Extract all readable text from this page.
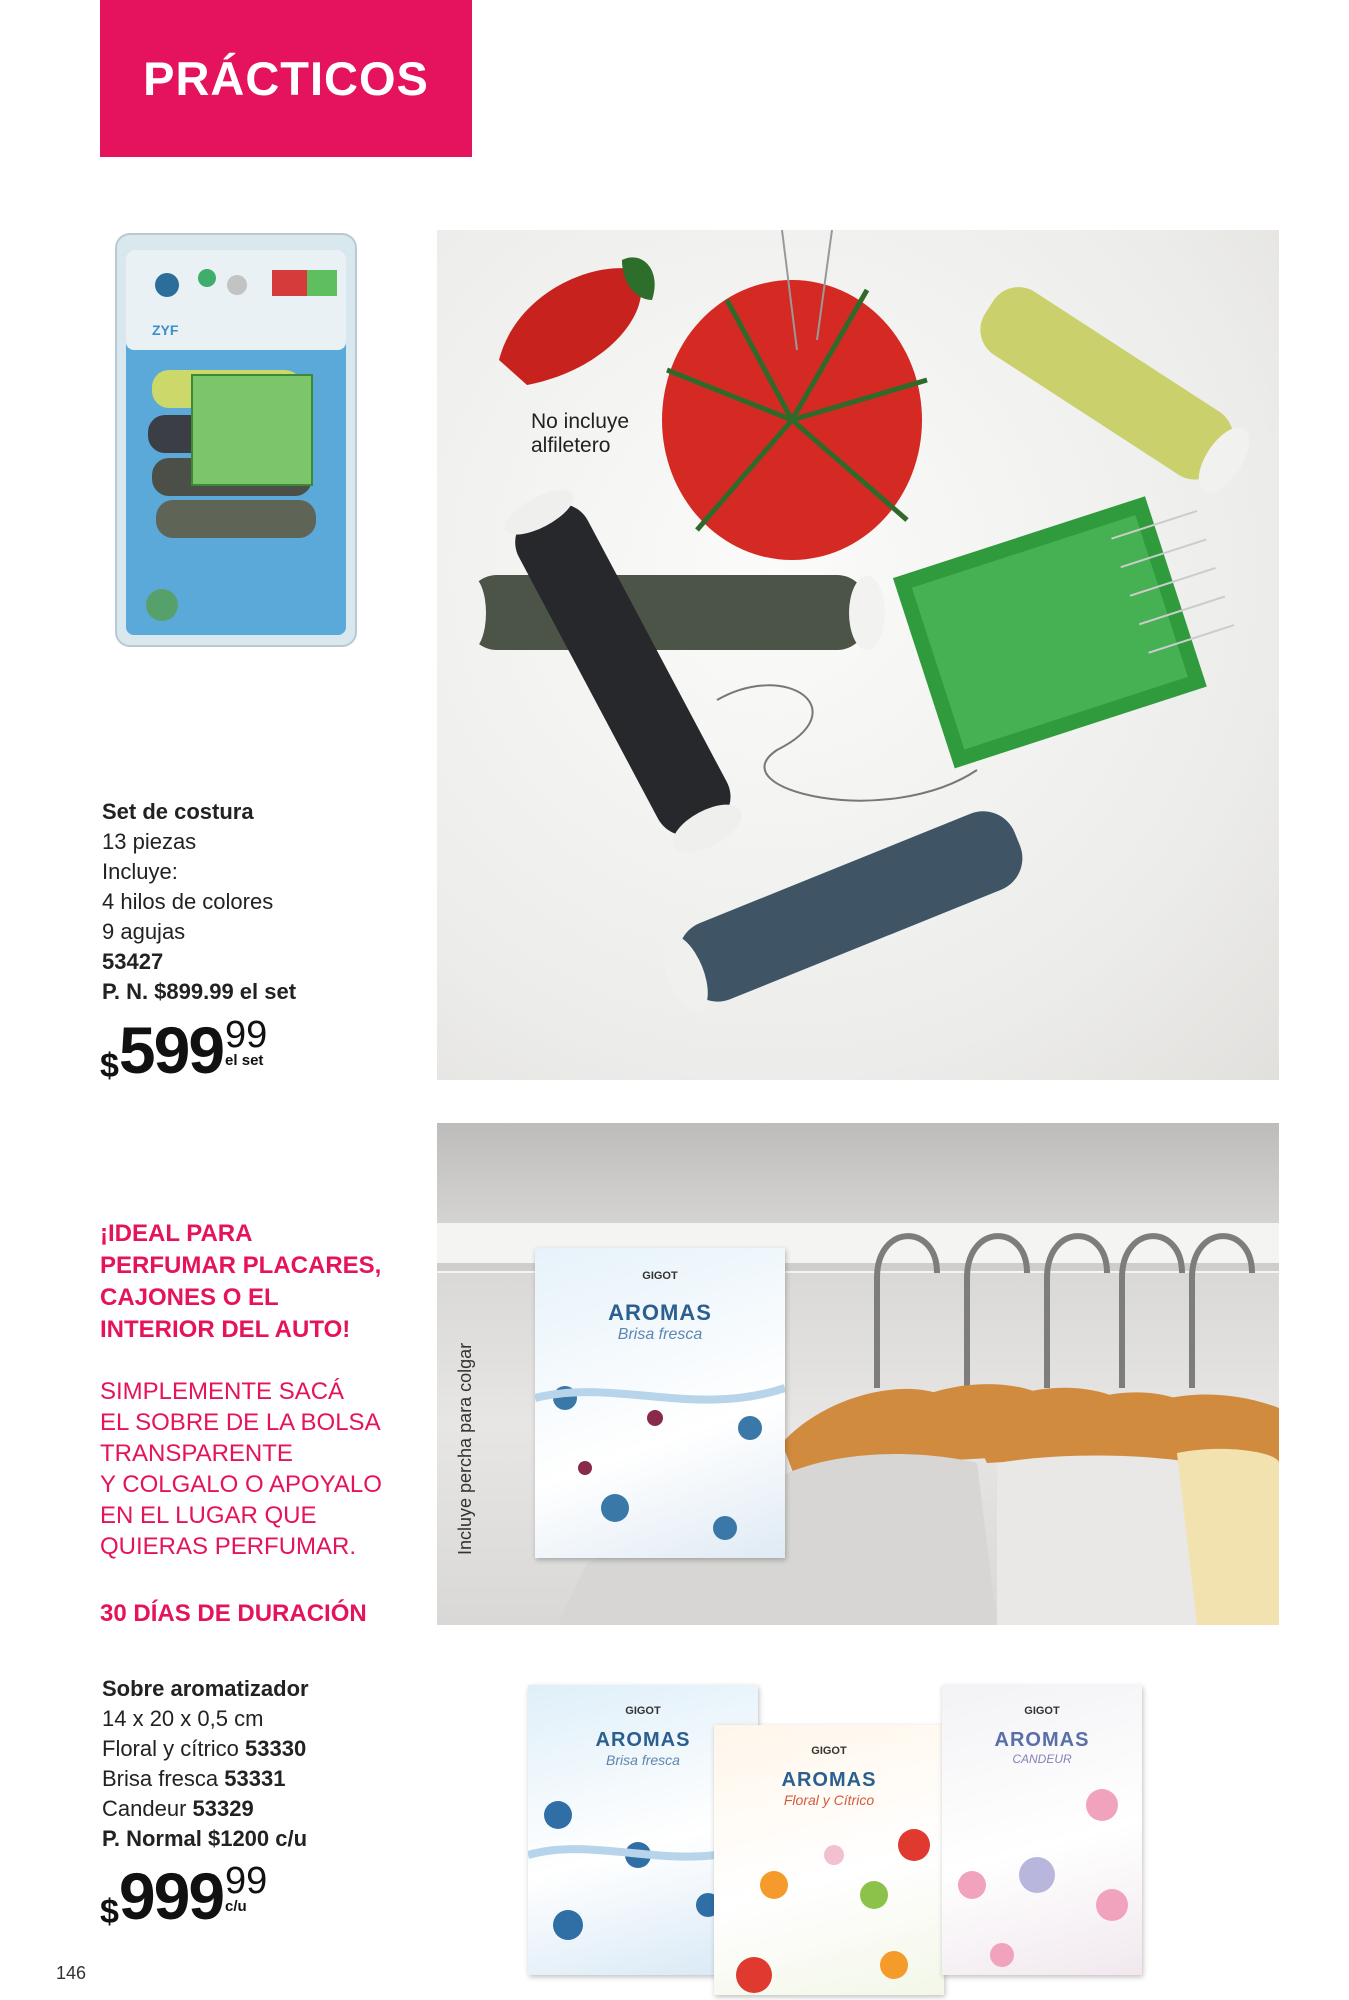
PRÁCTICOS
ZYF
Set de costura
13 piezas
Incluye:
4 hilos de colores
9 agujas
53427
P. N. $899.99 el set
$ 599 99
el set
No incluye
alfiletero
GIGOT
AROMAS
Brisa fresca
Incluye percha para colgar
¡IDEAL PARA
PERFUMAR PLACARES,
CAJONES O EL
INTERIOR DEL AUTO!
SIMPLEMENTE SACÁ
EL SOBRE DE LA BOLSA
TRANSPARENTE
Y COLGALO O APOYALO
EN EL LUGAR QUE
QUIERAS PERFUMAR.
30 DÍAS DE DURACIÓN
Sobre aromatizador
14 x 20 x 0,5 cm
Floral y cítrico 53330
Brisa fresca 53331
Candeur 53329
P. Normal $1200 c/u
$ 999 99
c/u
GIGOT
AROMAS
Brisa fresca
GIGOT
AROMAS
Floral y Cítrico
GIGOT
AROMAS
CANDEUR
146
